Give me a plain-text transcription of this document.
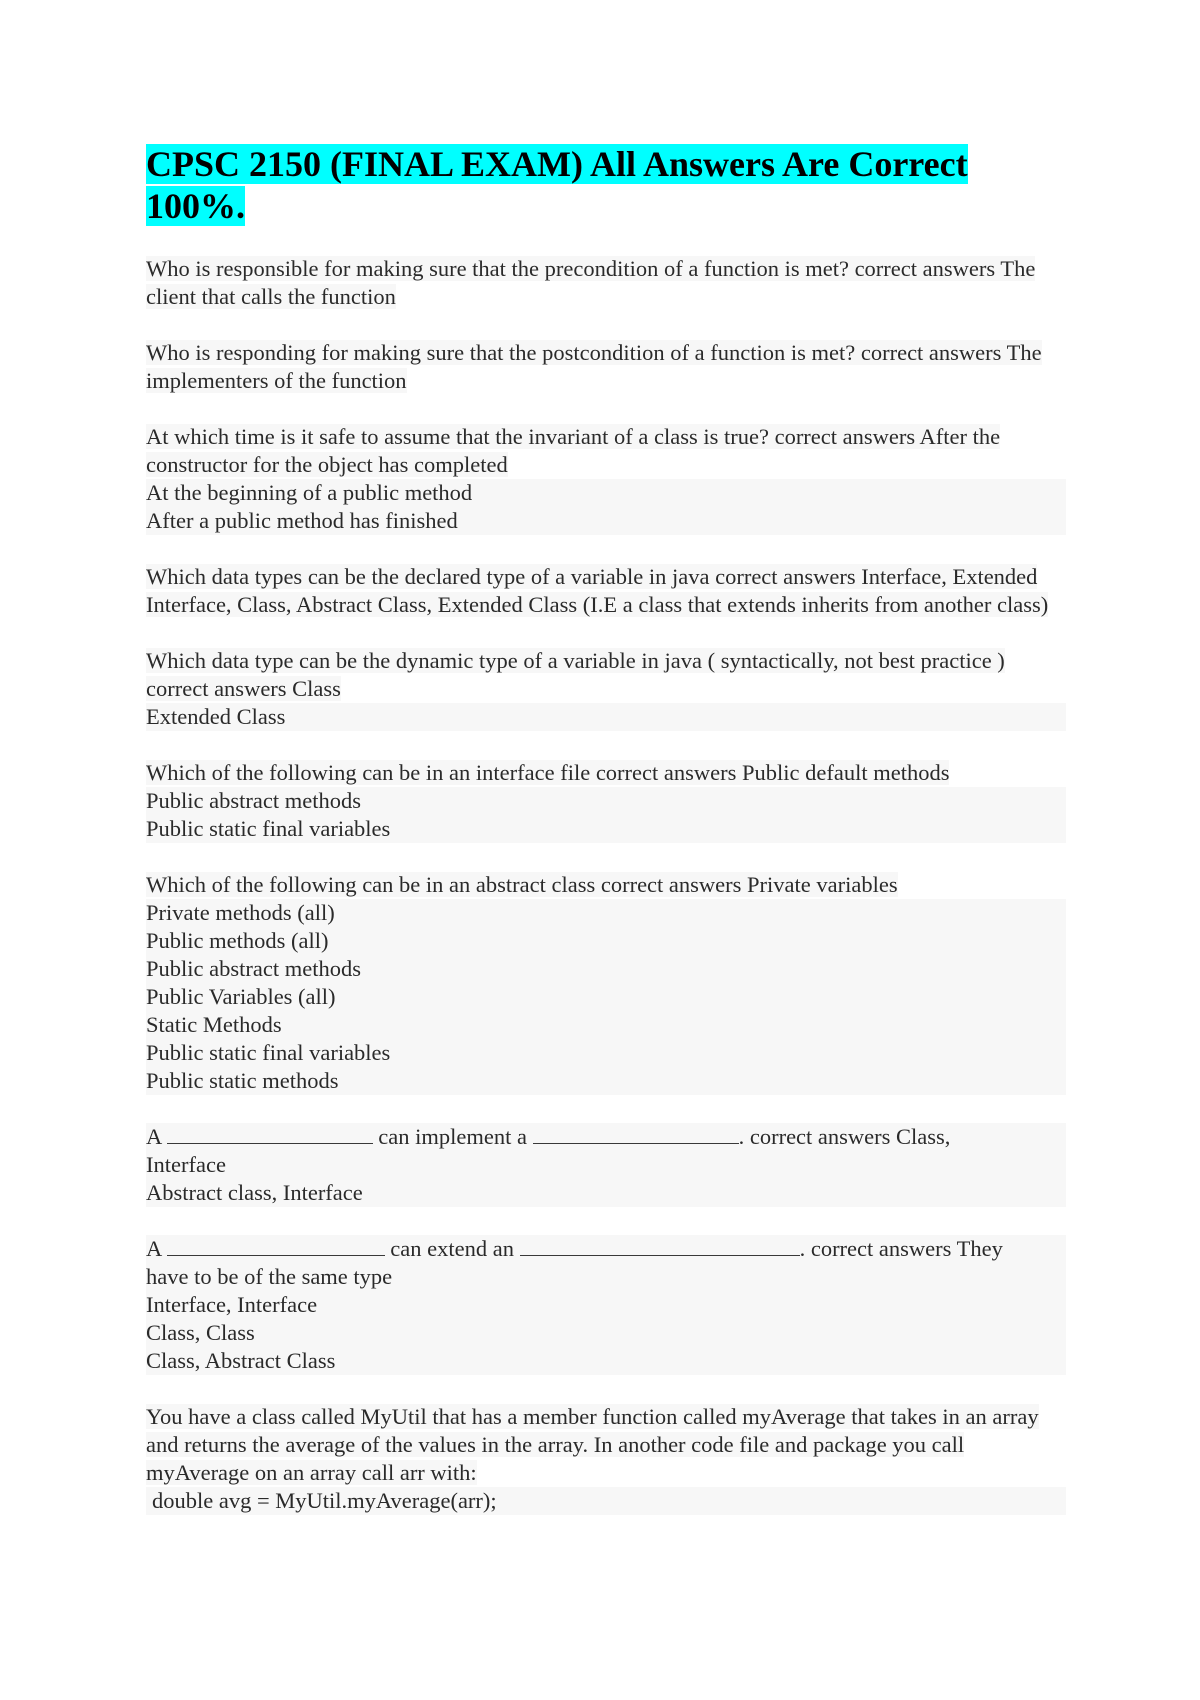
CPSC 2150 (FINAL EXAM) All Answers Are Correct 100%.

Who is responsible for making sure that the precondition of a function is met? correct answers The client that calls the function

Who is responding for making sure that the postcondition of a function is met? correct answers The implementers of the function

At which time is it safe to assume that the invariant of a class is true? correct answers After the constructor for the object has completed
At the beginning of a public method
After a public method has finished

Which data types can be the declared type of a variable in java correct answers Interface, Extended Interface, Class, Abstract Class, Extended Class (I.E a class that extends inherits from another class)

Which data type can be the dynamic type of a variable in java ( syntactically, not best practice ) correct answers Class
Extended Class

Which of the following can be in an interface file correct answers Public default methods
Public abstract methods
Public static final variables

Which of the following can be in an abstract class correct answers Private variables
Private methods (all)
Public methods (all)
Public abstract methods
Public Variables (all)
Static Methods
Public static final variables
Public static methods

A	can implement a	. correct answers Class,
Interface
Abstract class, Interface

A	can extend an	. correct answers They
have to be of the same type
Interface, Interface
Class, Class
Class, Abstract Class

You have a class called MyUtil that has a member function called myAverage that takes in an array and returns the average of the values in the array. In another code file and package you call myAverage on an array call arr with:
double avg = MyUtil.myAverage(arr);
